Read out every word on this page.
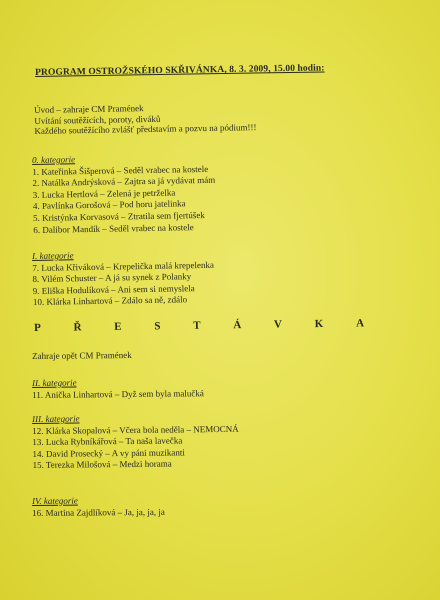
PROGRAM OSTROŽSKÉHO SKŘIVÁNKA, 8. 3. 2009, 15.00 hodin:
Úvod – zahraje CM Pramének
Uvítání soutěžících, poroty, diváků
Každého soutěžícího zvlášť představím a pozvu na pódium!!!
0. kategorie
1. Kateřinka Šišperová – Seděl vrabec na kostele
2. Natálka Andrýsková – Zajtra sa já vydávat mám
3. Lucka Hertlová – Zelená je petrželka
4. Pavlínka Gorošová – Pod horu jatelinka
5. Kristýnka Korvasová – Ztratila sem fjertúšek
6. Dalibor Mandík – Seděl vrabec na kostele
I. kategorie
7. Lucka Křiváková – Krepelička malá krepelenka
8. Vilém Schuster – A já su synek z Polanky
9. Eliška Hodulíková – Ani sem si nemyslela
10. Klárka Linhartová – Zdálo sa ně, zdálo
P	Ř	E	S	T	Á	V	K	A
Zahraje opět CM Pramének
II. kategorie
11. Anička Linhartová – Dyž sem byla malučká
III. kategorie
12. Klárka Skopalová – Včera bola neděla – NEMOCNÁ
13. Lucka Rybníkářová – Ta naša lavečka
14. David Prosecký – A vy páni muzikanti
15. Terezka Milošová – Medzi horama
IV. kategorie
16. Martina Zajdlíková – Ja, ja, ja, ja
